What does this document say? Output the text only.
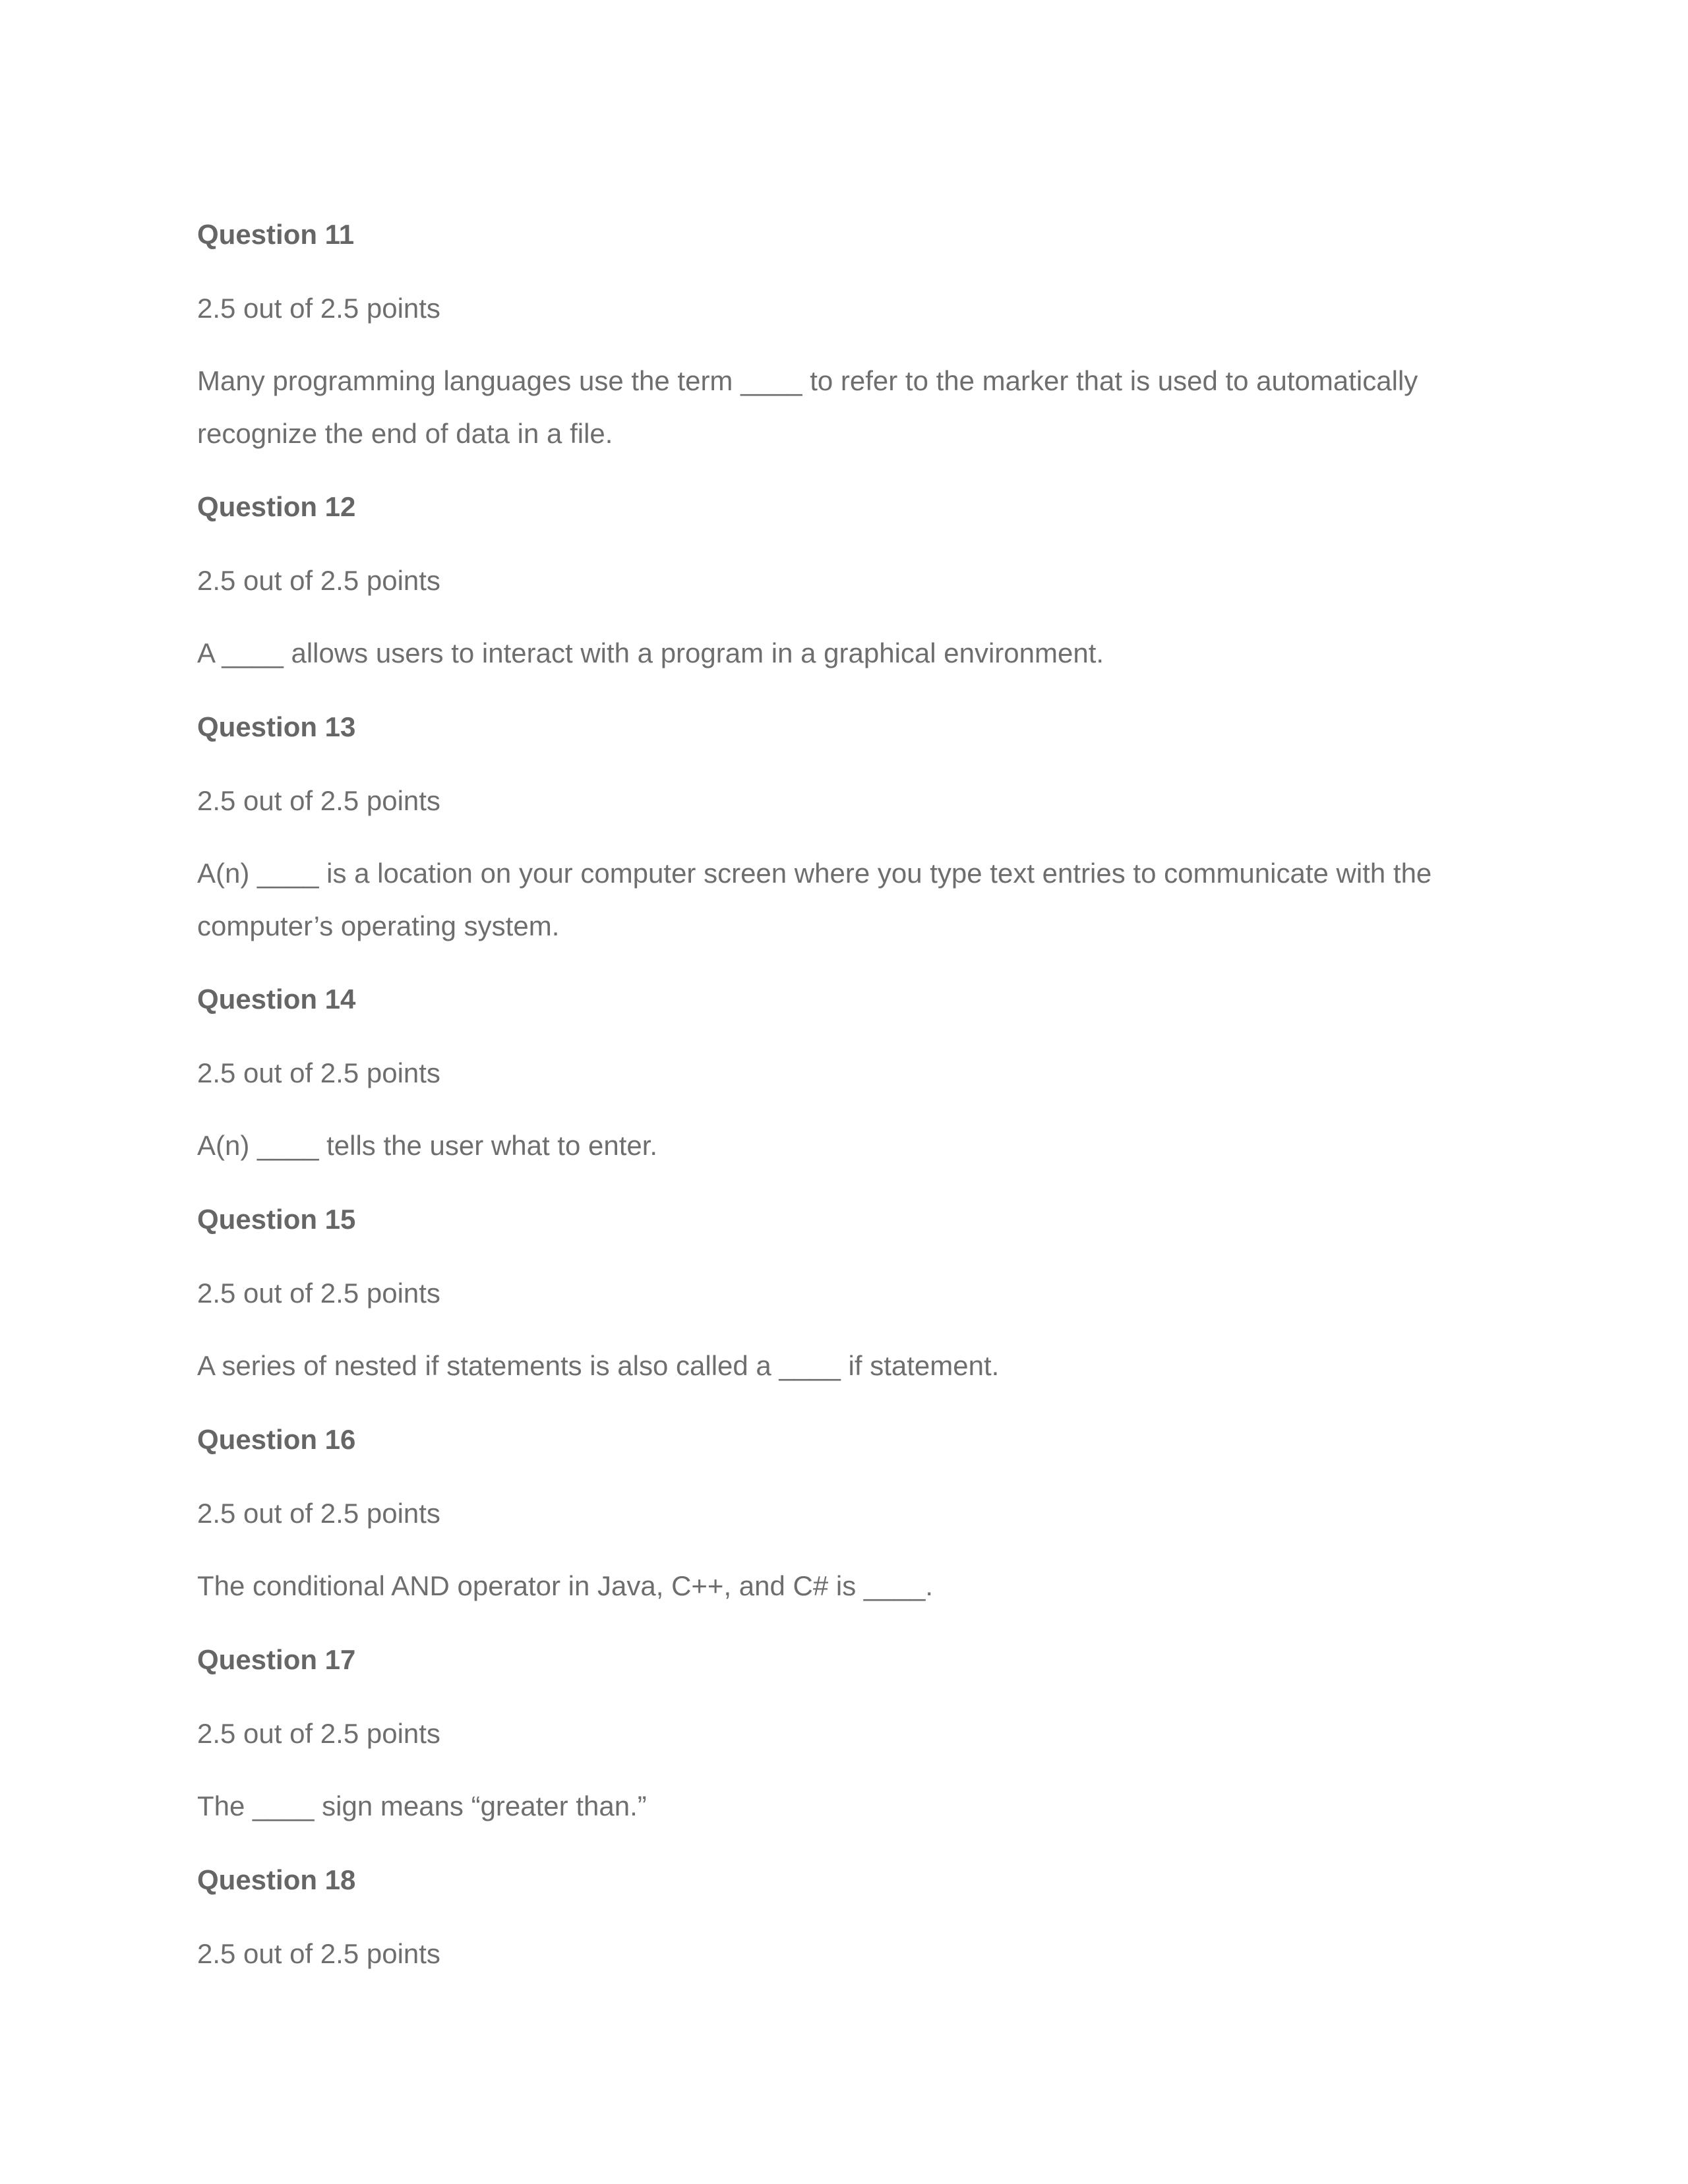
Question 11
2.5 out of 2.5 points
Many programming languages use the term ____ to refer to the marker that is used to automatically recognize the end of data in a file.
Question 12
2.5 out of 2.5 points
A ____ allows users to interact with a program in a graphical environment.
Question 13
2.5 out of 2.5 points
A(n) ____ is a location on your computer screen where you type text entries to communicate with the computer’s operating system.
Question 14
2.5 out of 2.5 points
A(n) ____ tells the user what to enter.
Question 15
2.5 out of 2.5 points
A series of nested if statements is also called a ____ if statement.
Question 16
2.5 out of 2.5 points
The conditional AND operator in Java, C++, and C# is ____.
Question 17
2.5 out of 2.5 points
The ____ sign means “greater than.”
Question 18
2.5 out of 2.5 points
